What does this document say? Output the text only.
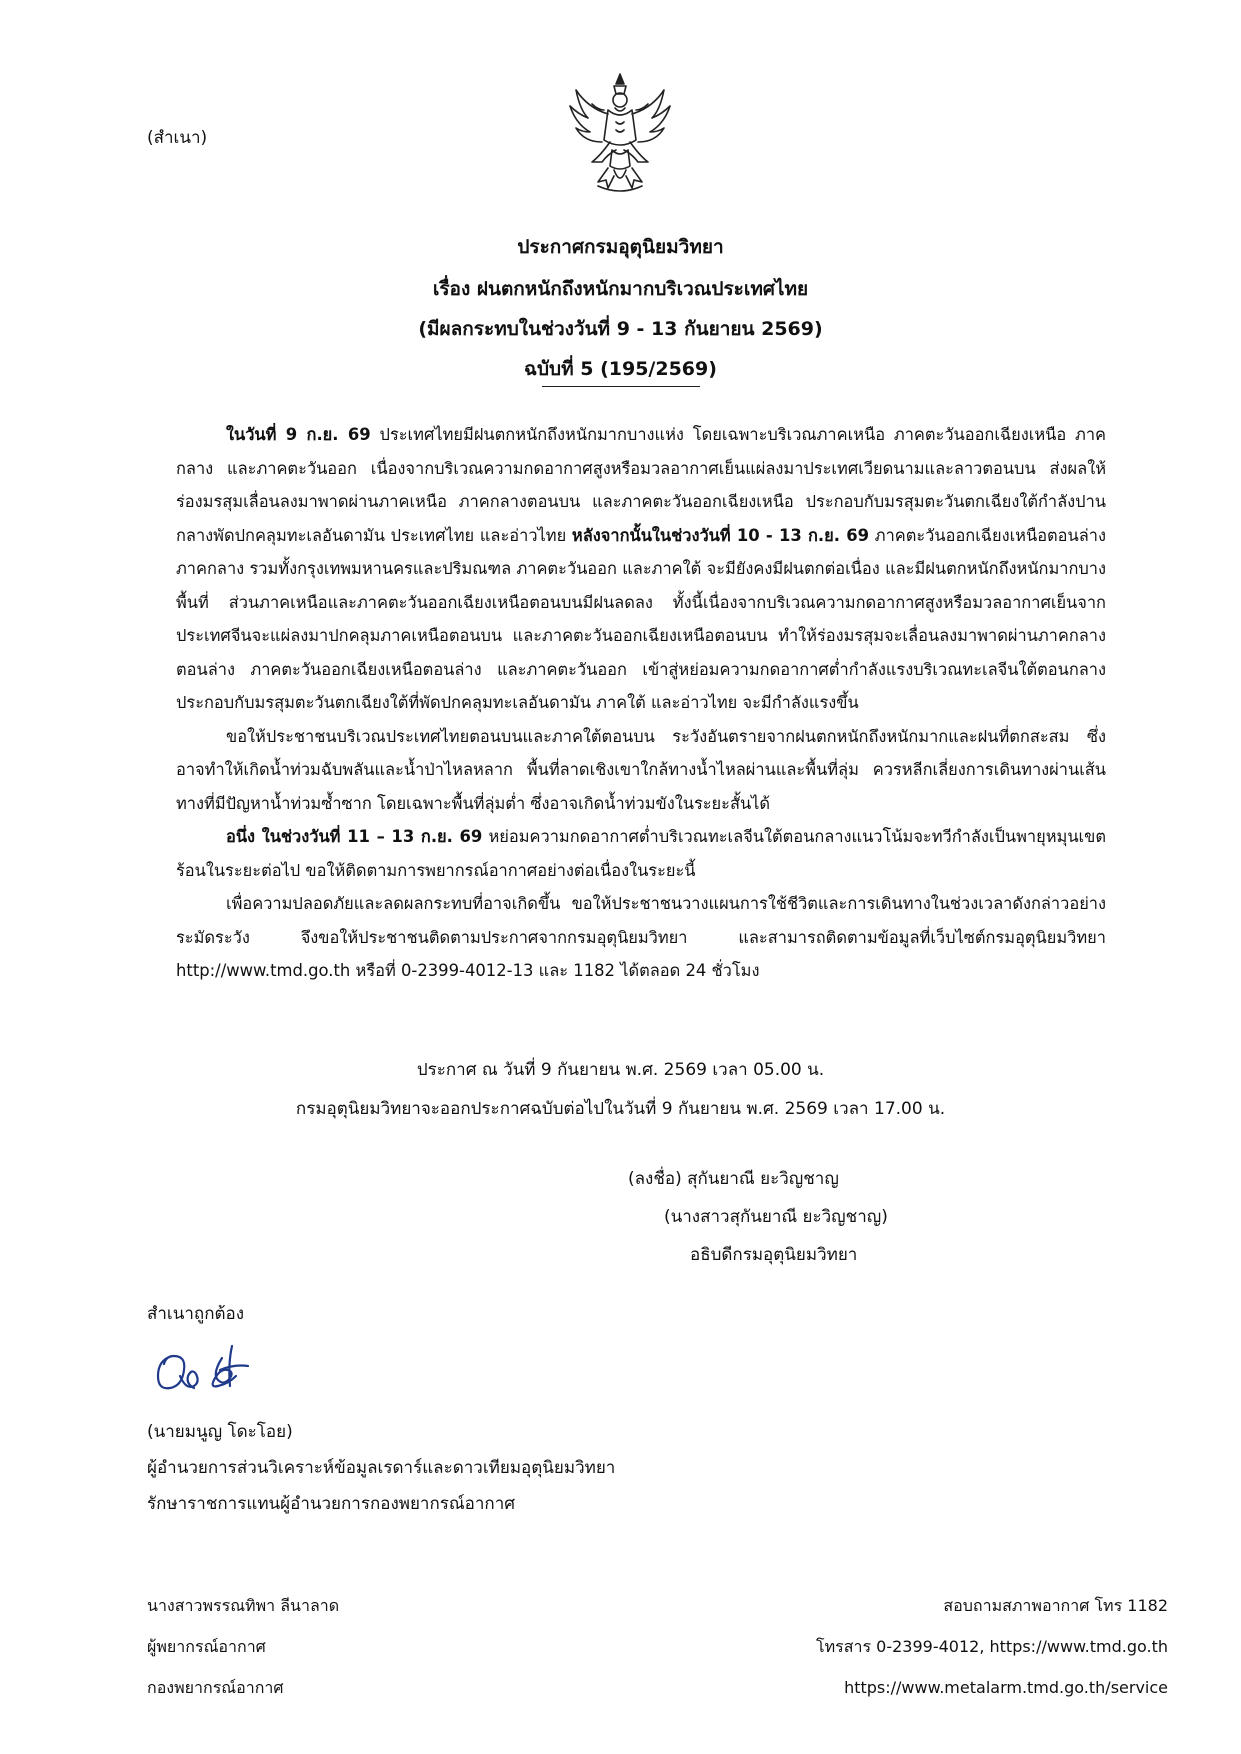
(สำเนา)
ประกาศกรมอุตุนิยมวิทยา
เรื่อง ฝนตกหนักถึงหนักมากบริเวณประเทศไทย
(มีผลกระทบในช่วงวันที่ 9 - 13 กันยายน 2569)
ฉบับที่ 5 (195/2569)

ในวันที่ 9 ก.ย. 69 ประเทศไทยมีฝนตกหนักถึงหนักมากบางแห่ง โดยเฉพาะบริเวณภาคเหนือ ภาคตะวันออกเฉียงเหนือ ภาคกลาง และภาคตะวันออก เนื่องจากบริเวณความกดอากาศสูงหรือมวลอากาศเย็นแผ่ลงมาประเทศเวียดนามและลาวตอนบน ส่งผลให้ร่องมรสุมเลื่อนลงมาพาดผ่านภาคเหนือ ภาคกลางตอนบน และภาคตะวันออกเฉียงเหนือ ประกอบกับมรสุมตะวันตกเฉียงใต้กำลังปานกลางพัดปกคลุมทะเลอันดามัน ประเทศไทย และอ่าวไทย หลังจากนั้นในช่วงวันที่ 10 - 13 ก.ย. 69 ภาคตะวันออกเฉียงเหนือตอนล่าง ภาคกลาง รวมทั้งกรุงเทพมหานครและปริมณฑล ภาคตะวันออก และภาคใต้ จะมียังคงมีฝนตกต่อเนื่อง และมีฝนตกหนักถึงหนักมากบางพื้นที่ ส่วนภาคเหนือและภาคตะวันออกเฉียงเหนือตอนบนมีฝนลดลง ทั้งนี้เนื่องจากบริเวณความกดอากาศสูงหรือมวลอากาศเย็นจากประเทศจีนจะแผ่ลงมาปกคลุมภาคเหนือตอนบน และภาคตะวันออกเฉียงเหนือตอนบน ทำให้ร่องมรสุมจะเลื่อนลงมาพาดผ่านภาคกลางตอนล่าง ภาคตะวันออกเฉียงเหนือตอนล่าง และภาคตะวันออก เข้าสู่หย่อมความกดอากาศต่ำกำลังแรงบริเวณทะเลจีนใต้ตอนกลาง ประกอบกับมรสุมตะวันตกเฉียงใต้ที่พัดปกคลุมทะเลอันดามัน ภาคใต้ และอ่าวไทย จะมีกำลังแรงขึ้น

ขอให้ประชาชนบริเวณประเทศไทยตอนบนและภาคใต้ตอนบน ระวังอันตรายจากฝนตกหนักถึงหนักมากและฝนที่ตกสะสม ซึ่งอาจทำให้เกิดน้ำท่วมฉับพลันและน้ำป่าไหลหลาก พื้นที่ลาดเชิงเขาใกล้ทางน้ำไหลผ่านและพื้นที่ลุ่ม ควรหลีกเลี่ยงการเดินทางผ่านเส้นทางที่มีปัญหาน้ำท่วมซ้ำซาก โดยเฉพาะพื้นที่ลุ่มต่ำ ซึ่งอาจเกิดน้ำท่วมขังในระยะสั้นได้

อนึ่ง ในช่วงวันที่ 11 – 13 ก.ย. 69 หย่อมความกดอากาศต่ำบริเวณทะเลจีนใต้ตอนกลางแนวโน้มจะทวีกำลังเป็นพายุหมุนเขตร้อนในระยะต่อไป ขอให้ติดตามการพยากรณ์อากาศอย่างต่อเนื่องในระยะนี้

เพื่อความปลอดภัยและลดผลกระทบที่อาจเกิดขึ้น ขอให้ประชาชนวางแผนการใช้ชีวิตและการเดินทางในช่วงเวลาดังกล่าวอย่างระมัดระวัง จึงขอให้ประชาชนติดตามประกาศจากกรมอุตุนิยมวิทยา และสามารถติดตามข้อมูลที่เว็บไซต์กรมอุตุนิยมวิทยา http://www.tmd.go.th หรือที่ 0-2399-4012-13 และ 1182 ได้ตลอด 24 ชั่วโมง

ประกาศ ณ วันที่ 9 กันยายน พ.ศ. 2569 เวลา 05.00 น.
กรมอุตุนิยมวิทยาจะออกประกาศฉบับต่อไปในวันที่ 9 กันยายน พ.ศ. 2569 เวลา 17.00 น.
(ลงชื่อ) สุกันยาณี ยะวิญชาญ
(นางสาวสุกันยาณี ยะวิญชาญ)
อธิบดีกรมอุตุนิยมวิทยา
สำเนาถูกต้อง
(นายมนูญ โดะโอย)
ผู้อำนวยการส่วนวิเคราะห์ข้อมูลเรดาร์และดาวเทียมอุตุนิยมวิทยา
รักษาราชการแทนผู้อำนวยการกองพยากรณ์อากาศ
นางสาวพรรณทิพา ลีนาลาด
ผู้พยากรณ์อากาศ
กองพยากรณ์อากาศ
สอบถามสภาพอากาศ โทร 1182
โทรสาร 0-2399-4012, https://www.tmd.go.th
https://www.metalarm.tmd.go.th/service
